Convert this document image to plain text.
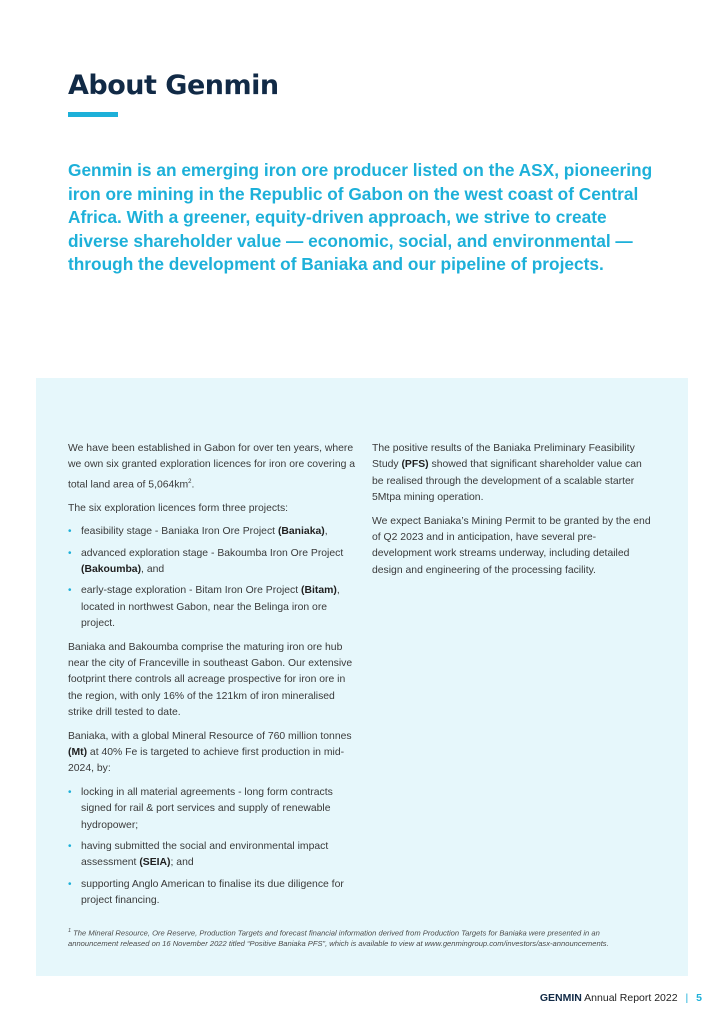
About Genmin

Genmin is an emerging iron ore producer listed on the ASX, pioneering iron ore mining in the Republic of Gabon on the west coast of Central Africa. With a greener, equity-driven approach, we strive to create diverse shareholder value — economic, social, and environmental — through the development of Baniaka and our pipeline of projects.

We have been established in Gabon for over ten years, where we own six granted exploration licences for iron ore covering a total land area of $5,064km^2$.

The six exploration licences form three projects:

• feasibility stage - Baniaka Iron Ore Project (Baniaka),
• advanced exploration stage - Bakoumba Iron Ore Project (Bakoumba), and
• early-stage exploration - Bitam Iron Ore Project (Bitam), located in northwest Gabon, near the Belinga iron ore project.

Baniaka and Bakoumba comprise the maturing iron ore hub near the city of Franceville in southeast Gabon. Our extensive footprint there controls all acreage prospective for iron ore in the region, with only 16% of the 121km of iron mineralised strike drill tested to date.

Baniaka, with a global Mineral Resource of 760 million tonnes (Mt) at 40% Fe is targeted to achieve first production in mid-2024, by:

• locking in all material agreements - long form contracts signed for rail & port services and supply of renewable hydropower;
• having submitted the social and environmental impact assessment (SEIA); and
• supporting Anglo American to finalise its due diligence for project financing.

The positive results of the Baniaka Preliminary Feasibility Study (PFS) showed that significant shareholder value can be realised through the development of a scalable starter 5Mtpa mining operation.

We expect Baniaka’s Mining Permit to be granted by the end of Q2 2023 and in anticipation, have several pre-development work streams underway, including detailed design and engineering of the processing facility.

$^1$ The Mineral Resource, Ore Reserve, Production Targets and forecast financial information derived from Production Targets for Baniaka were presented in an announcement released on 16 November 2022 titled “Positive Baniaka PFS”, which is available to view at www.genmingroup.com/investors/asx-announcements.

GENMIN Annual Report 2022 | 5
